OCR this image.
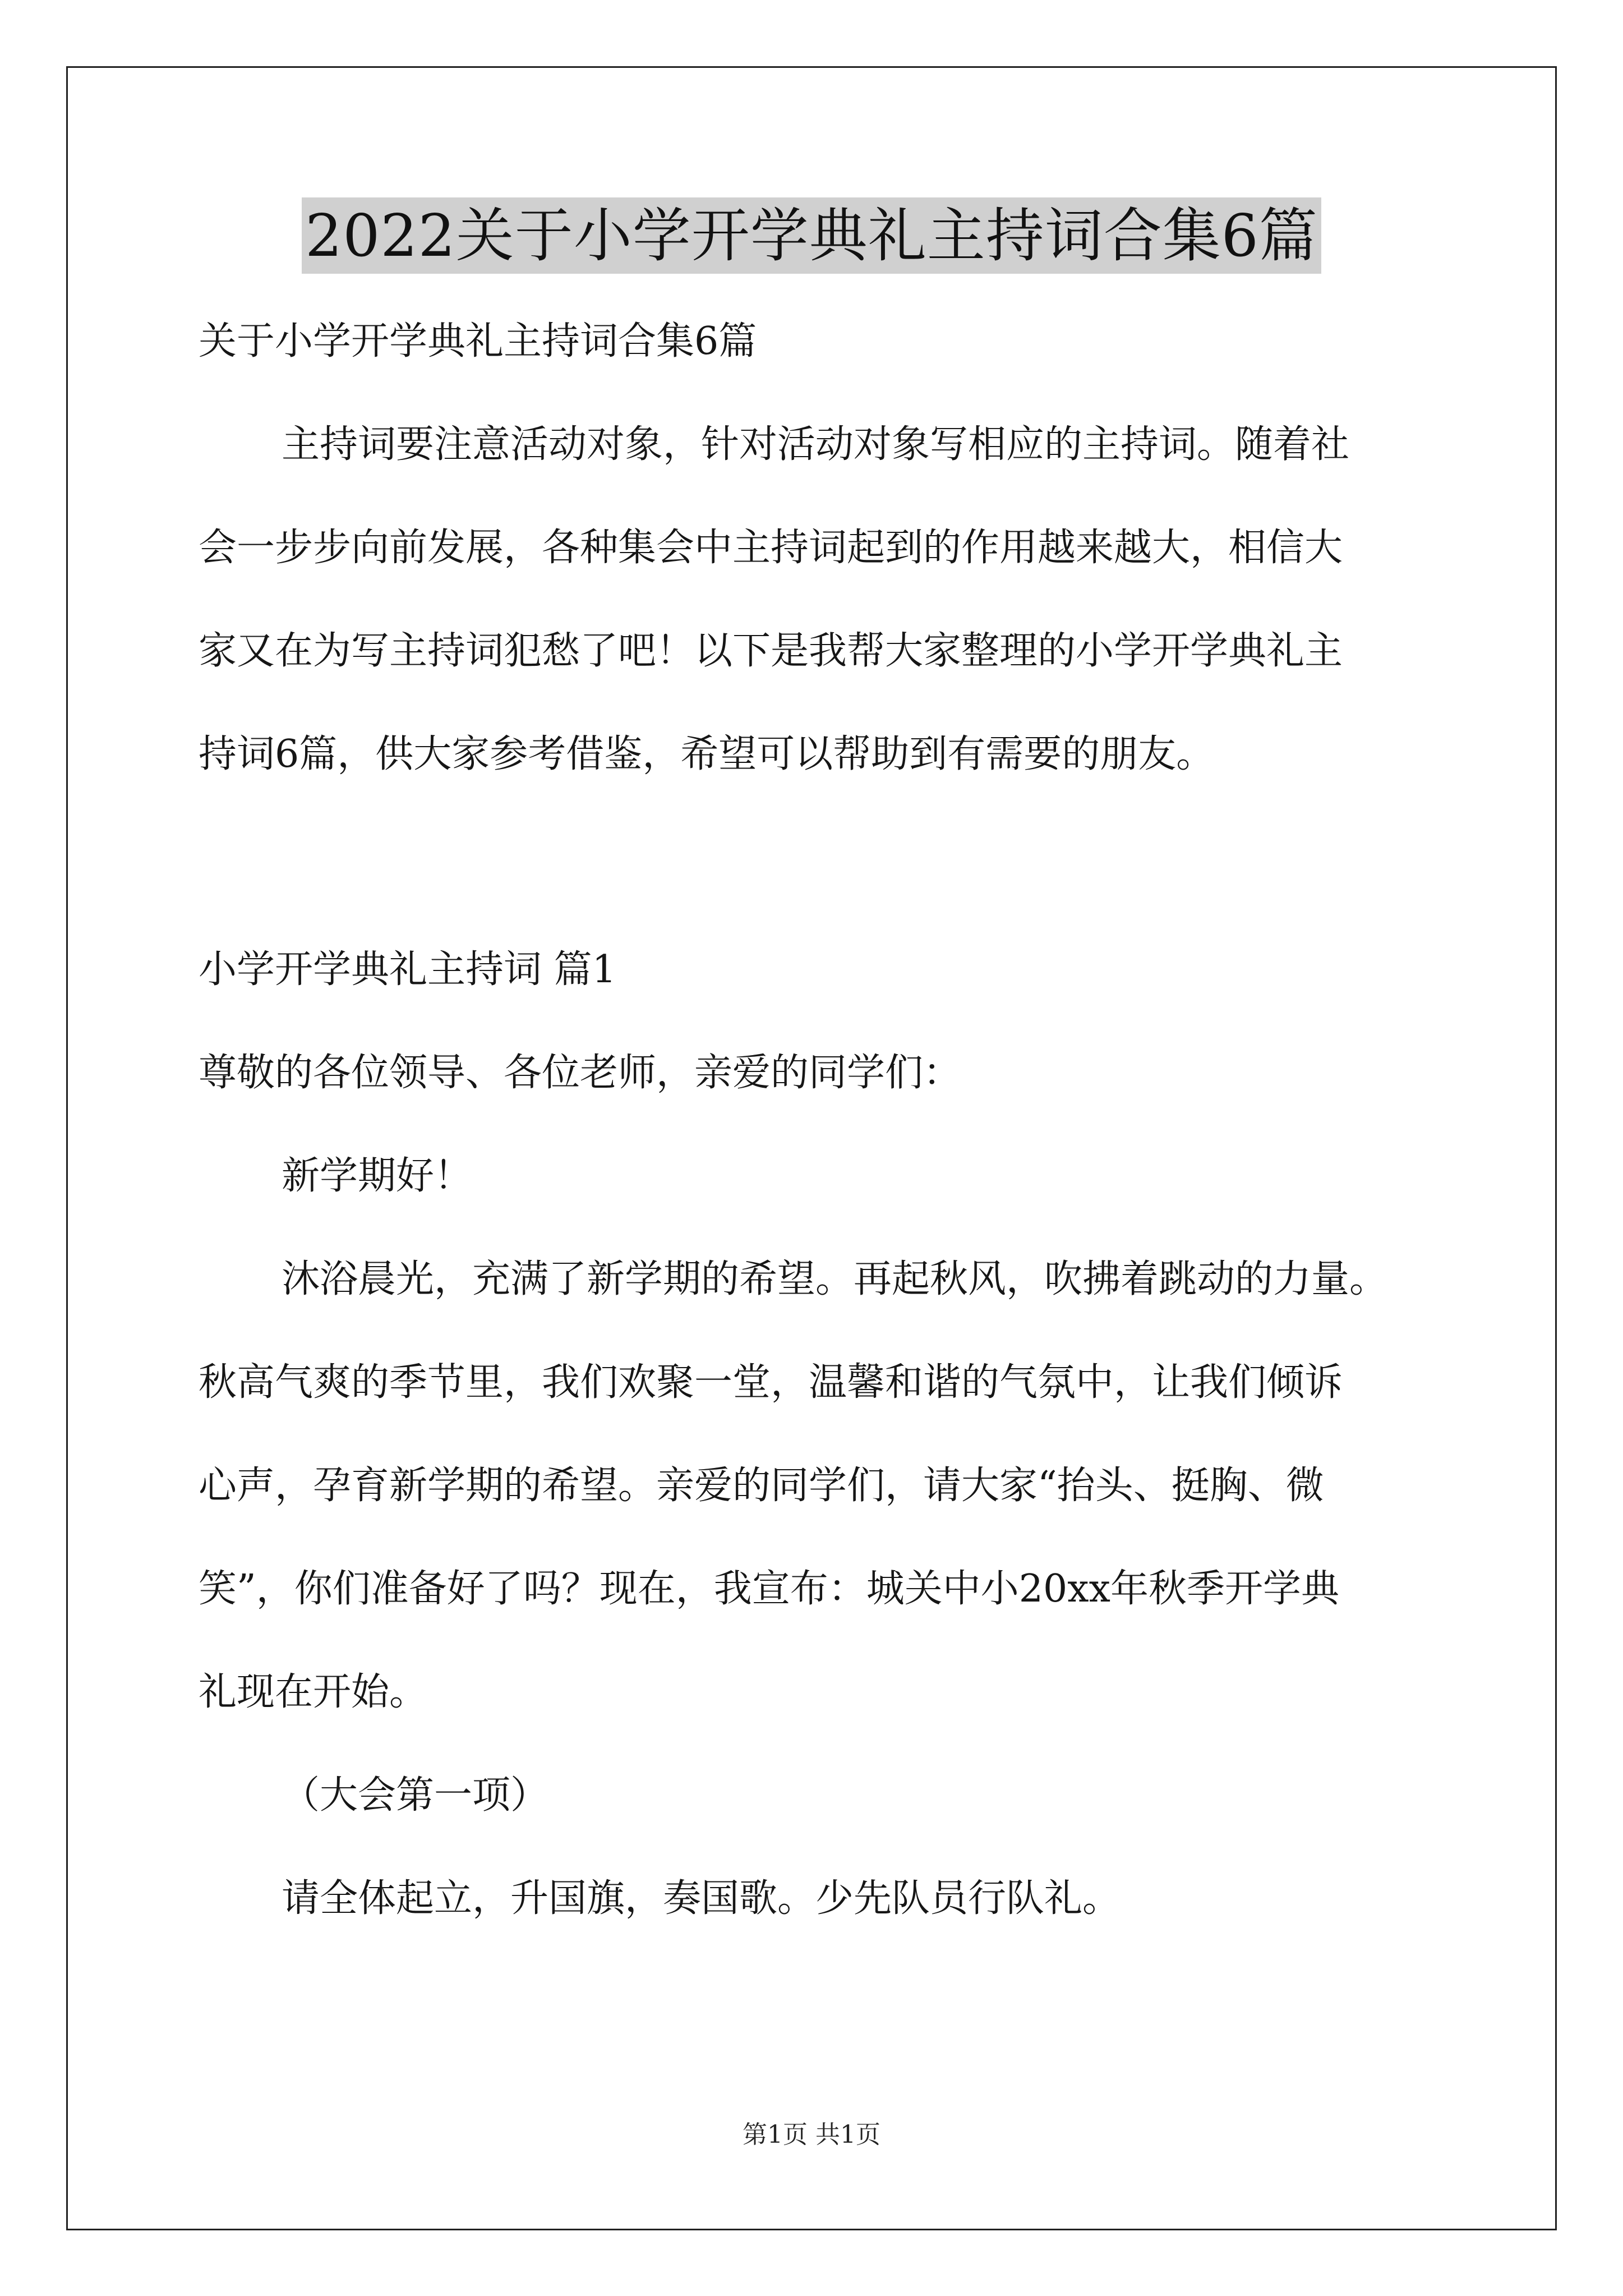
2022关于小学开学典礼主持词合集6篇

关于小学开学典礼主持词合集6篇

主持词要注意活动对象，针对活动对象写相应的主持词。随着社

会一步步向前发展，各种集会中主持词起到的作用越来越大，相信大

家又在为写主持词犯愁了吧！以下是我帮大家整理的小学开学典礼主

持词6篇，供大家参考借鉴，希望可以帮助到有需要的朋友。

小学开学典礼主持词 篇1

尊敬的各位领导、各位老师，亲爱的同学们：

新学期好！

沐浴晨光，充满了新学期的希望。再起秋风，吹拂着跳动的力量。

秋高气爽的季节里，我们欢聚一堂，温馨和谐的气氛中，让我们倾诉

心声，孕育新学期的希望。亲爱的同学们，请大家“抬头、挺胸、微

笑”，你们准备好了吗？现在，我宣布：城关中小20xx年秋季开学典

礼现在开始。

（大会第一项）

请全体起立，升国旗，奏国歌。少先队员行队礼。

第1页 共1页
